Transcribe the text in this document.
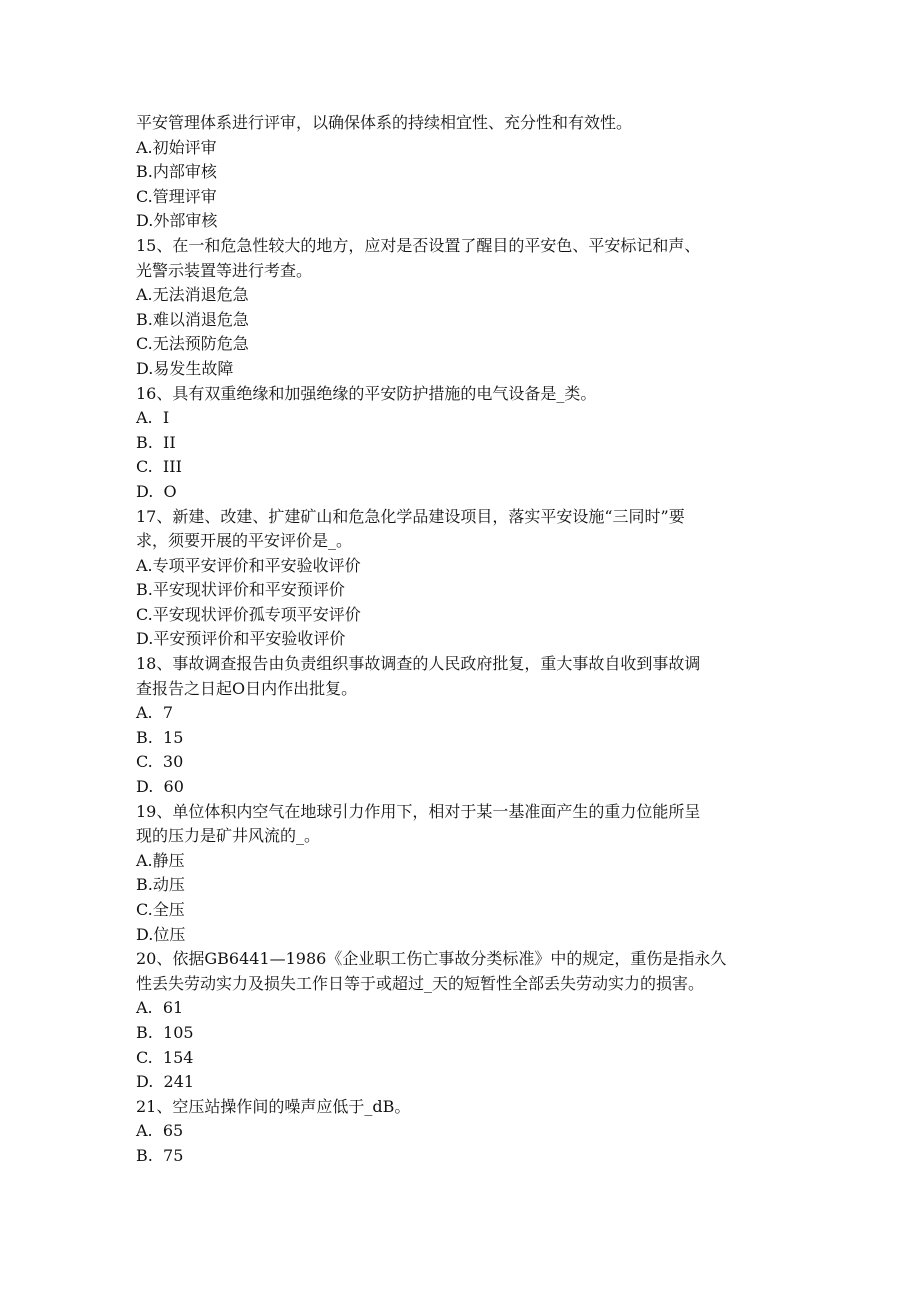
平安管理体系进行评审，以确保体系的持续相宜性、充分性和有效性。
A.初始评审
B.内部审核
C.管理评审
D.外部审核
15、在一和危急性较大的地方，应对是否设置了醒目的平安色、平安标记和声、
光警示装置等进行考查。
A.无法消退危急
B.难以消退危急
C.无法预防危急
D.易发生故障
16、具有双重绝缘和加强绝缘的平安防护措施的电气设备是_类。
A.  I
B.  II
C.  III
D.  O
17、新建、改建、扩建矿山和危急化学品建设项目，落实平安设施“三同时”要
求，须要开展的平安评价是_。
A.专项平安评价和平安验收评价
B.平安现状评价和平安预评价
C.平安现状评价孤专项平安评价
D.平安预评价和平安验收评价
18、事故调查报告由负责组织事故调查的人民政府批复，重大事故自收到事故调
查报告之日起O日内作出批复。
A.  7
B.  15
C.  30
D.  60
19、单位体积内空气在地球引力作用下，相对于某一基准面产生的重力位能所呈
现的压力是矿井风流的_。
A.静压
B.动压
C.全压
D.位压
20、依据GB6441—1986《企业职工伤亡事故分类标准》中的规定，重伤是指永久
性丢失劳动实力及损失工作日等于或超过_天的短暂性全部丢失劳动实力的损害。
A.  61
B.  105
C.  154
D.  241
21、空压站操作间的噪声应低于_dB。
A.  65
B.  75
